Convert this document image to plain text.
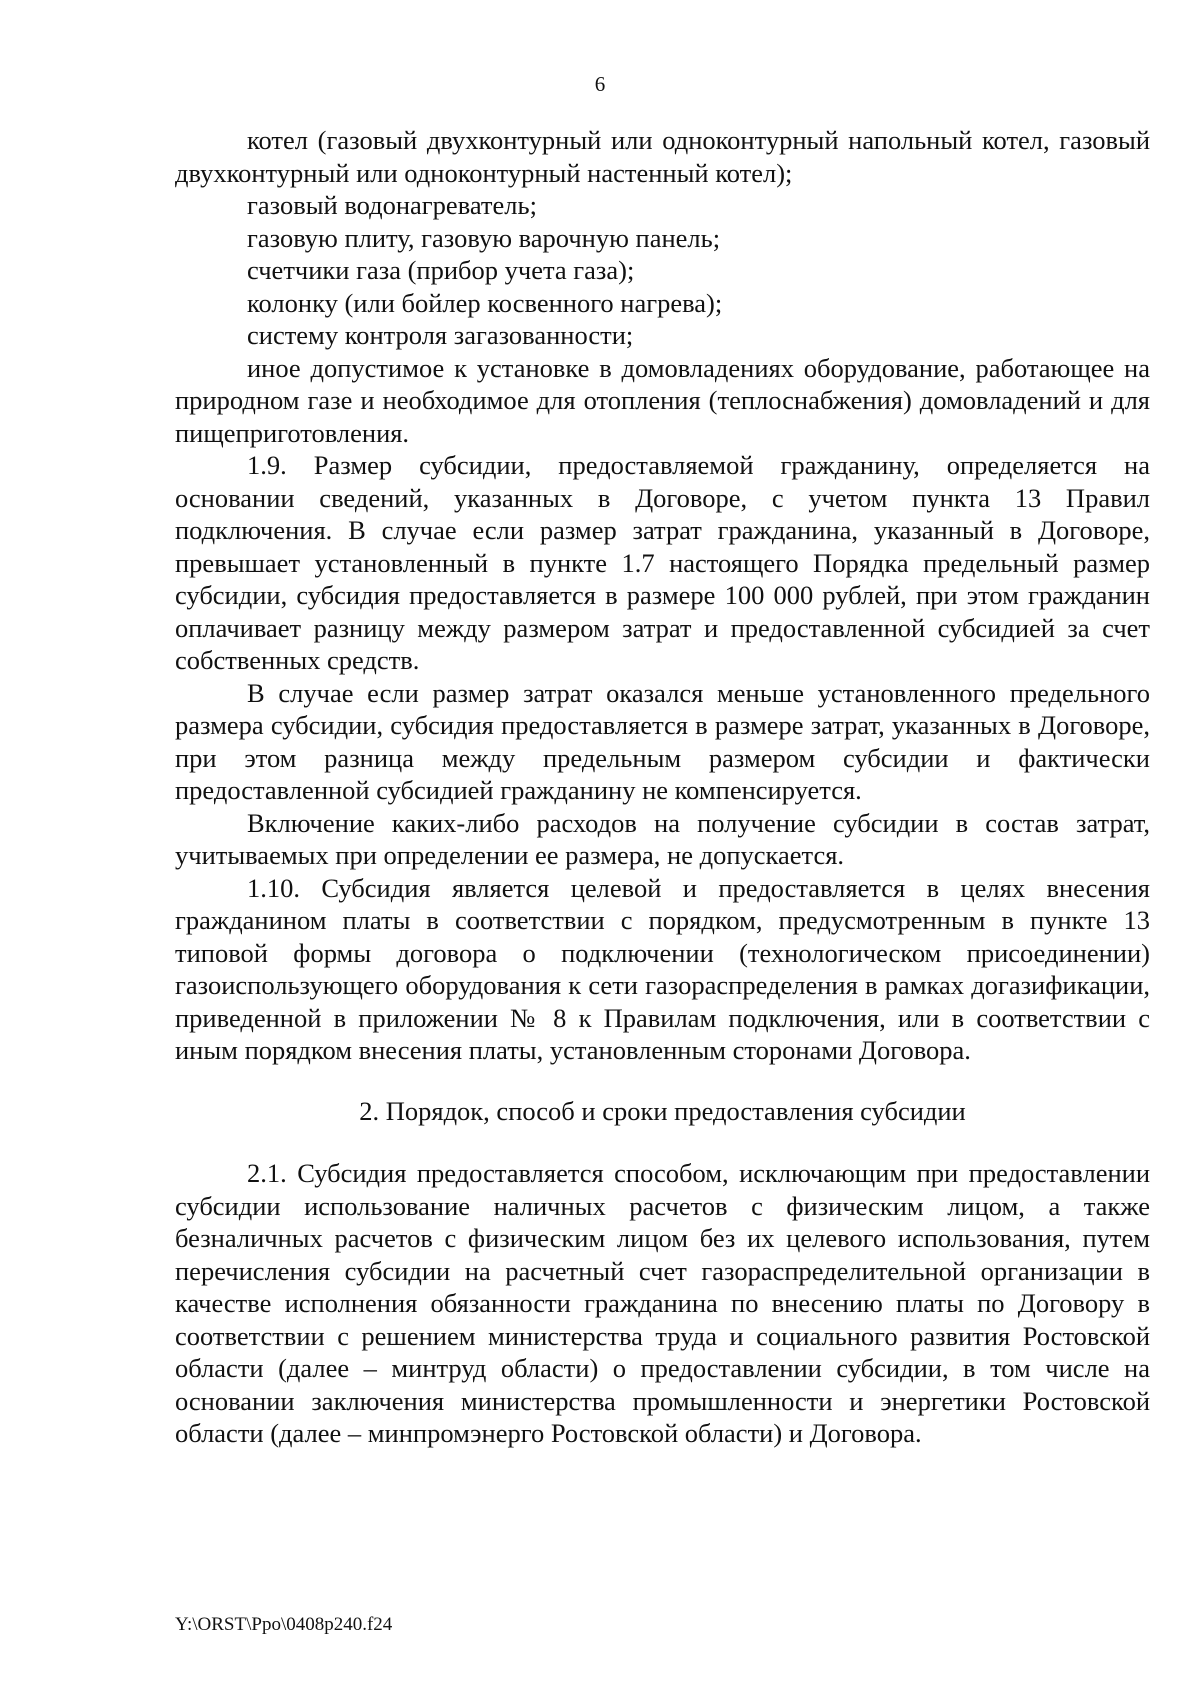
6

котел (газовый двухконтурный или одноконтурный напольный котел, газовый двухконтурный или одноконтурный настенный котел);

газовый водонагреватель;

газовую плиту, газовую варочную панель;

счетчики газа (прибор учета газа);

колонку (или бойлер косвенного нагрева);

систему контроля загазованности;

иное допустимое к установке в домовладениях оборудование, работающее на природном газе и необходимое для отопления (теплоснабжения) домовладений и для пищеприготовления.

1.9. Размер субсидии, предоставляемой гражданину, определяется на основании сведений, указанных в Договоре, с учетом пункта 13 Правил подключения. В случае если размер затрат гражданина, указанный в Договоре, превышает установленный в пункте 1.7 настоящего Порядка предельный размер субсидии, субсидия предоставляется в размере 100 000 рублей, при этом гражданин оплачивает разницу между размером затрат и предоставленной субсидией за счет собственных средств.

В случае если размер затрат оказался меньше установленного предельного размера субсидии, субсидия предоставляется в размере затрат, указанных в Договоре, при этом разница между предельным размером субсидии и фактически предоставленной субсидией гражданину не компенсируется.

Включение каких-либо расходов на получение субсидии в состав затрат, учитываемых при определении ее размера, не допускается.

1.10. Субсидия является целевой и предоставляется в целях внесения гражданином платы в соответствии с порядком, предусмотренным в пункте 13 типовой формы договора о подключении (технологическом присоединении) газоиспользующего оборудования к сети газораспределения в рамках догазификации, приведенной в приложении № 8 к Правилам подключения, или в соответствии с иным порядком внесения платы, установленным сторонами Договора.

2. Порядок, способ и сроки предоставления субсидии

2.1. Субсидия предоставляется способом, исключающим при предоставлении субсидии использование наличных расчетов с физическим лицом, а также безналичных расчетов с физическим лицом без их целевого использования, путем перечисления субсидии на расчетный счет газораспределительной организации в качестве исполнения обязанности гражданина по внесению платы по Договору в соответствии с решением министерства труда и социального развития Ростовской области (далее – минтруд области) о предоставлении субсидии, в том числе на основании заключения министерства промышленности и энергетики Ростовской области (далее – минпромэнерго Ростовской области) и Договора.

Y:\ORST\Ppo\0408p240.f24
